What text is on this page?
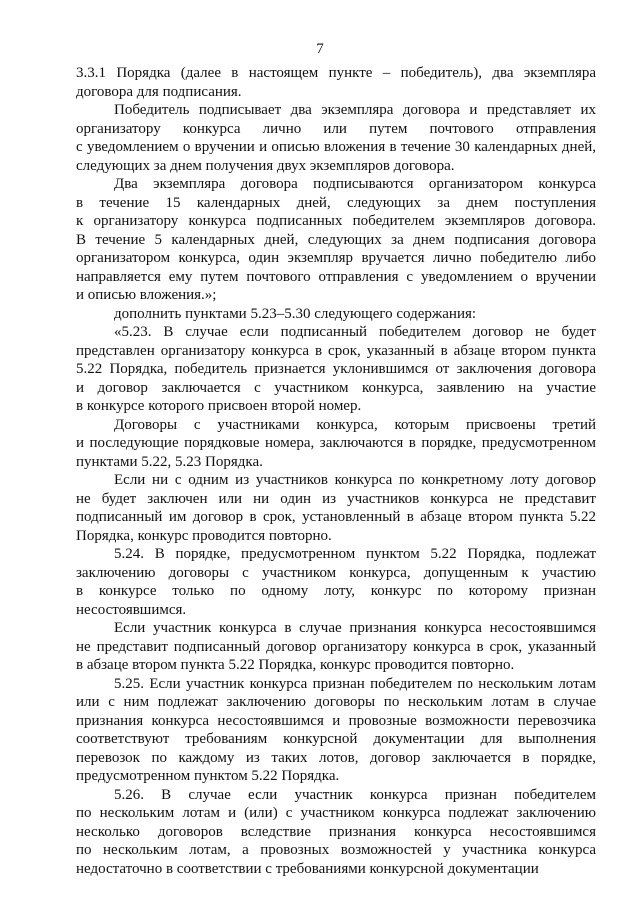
7
3.3.1 Порядка (далее в настоящем пункте – победитель), два экземпляра
договора для подписания.
Победитель подписывает два экземпляра договора и представляет их
организатору конкурса лично или путем почтового отправления
с уведомлением о вручении и описью вложения в течение 30 календарных дней,
следующих за днем получения двух экземпляров договора.
Два экземпляра договора подписываются организатором конкурса
в течение 15 календарных дней, следующих за днем поступления
к организатору конкурса подписанных победителем экземпляров договора.
В течение 5 календарных дней, следующих за днем подписания договора
организатором конкурса, один экземпляр вручается лично победителю либо
направляется ему путем почтового отправления с уведомлением о вручении
и описью вложения.»;
дополнить пунктами 5.23–5.30 следующего содержания:
«5.23. В случае если подписанный победителем договор не будет
представлен организатору конкурса в срок, указанный в абзаце втором пункта
5.22 Порядка, победитель признается уклонившимся от заключения договора
и договор заключается с участником конкурса, заявлению на участие
в конкурсе которого присвоен второй номер.
Договоры с участниками конкурса, которым присвоены третий
и последующие порядковые номера, заключаются в порядке, предусмотренном
пунктами 5.22, 5.23 Порядка.
Если ни с одним из участников конкурса по конкретному лоту договор
не будет заключен или ни один из участников конкурса не представит
подписанный им договор в срок, установленный в абзаце втором пункта 5.22
Порядка, конкурс проводится повторно.
5.24. В порядке, предусмотренном пунктом 5.22 Порядка, подлежат
заключению договоры с участником конкурса, допущенным к участию
в конкурсе только по одному лоту, конкурс по которому признан
несостоявшимся.
Если участник конкурса в случае признания конкурса несостоявшимся
не представит подписанный договор организатору конкурса в срок, указанный
в абзаце втором пункта 5.22 Порядка, конкурс проводится повторно.
5.25. Если участник конкурса признан победителем по нескольким лотам
или с ним подлежат заключению договоры по нескольким лотам в случае
признания конкурса несостоявшимся и провозные возможности перевозчика
соответствуют требованиям конкурсной документации для выполнения
перевозок по каждому из таких лотов, договор заключается в порядке,
предусмотренном пунктом 5.22 Порядка.
5.26. В случае если участник конкурса признан победителем
по нескольким лотам и (или) с участником конкурса подлежат заключению
несколько договоров вследствие признания конкурса несостоявшимся
по нескольким лотам, а провозных возможностей у участника конкурса
недостаточно в соответствии с требованиями конкурсной документации
